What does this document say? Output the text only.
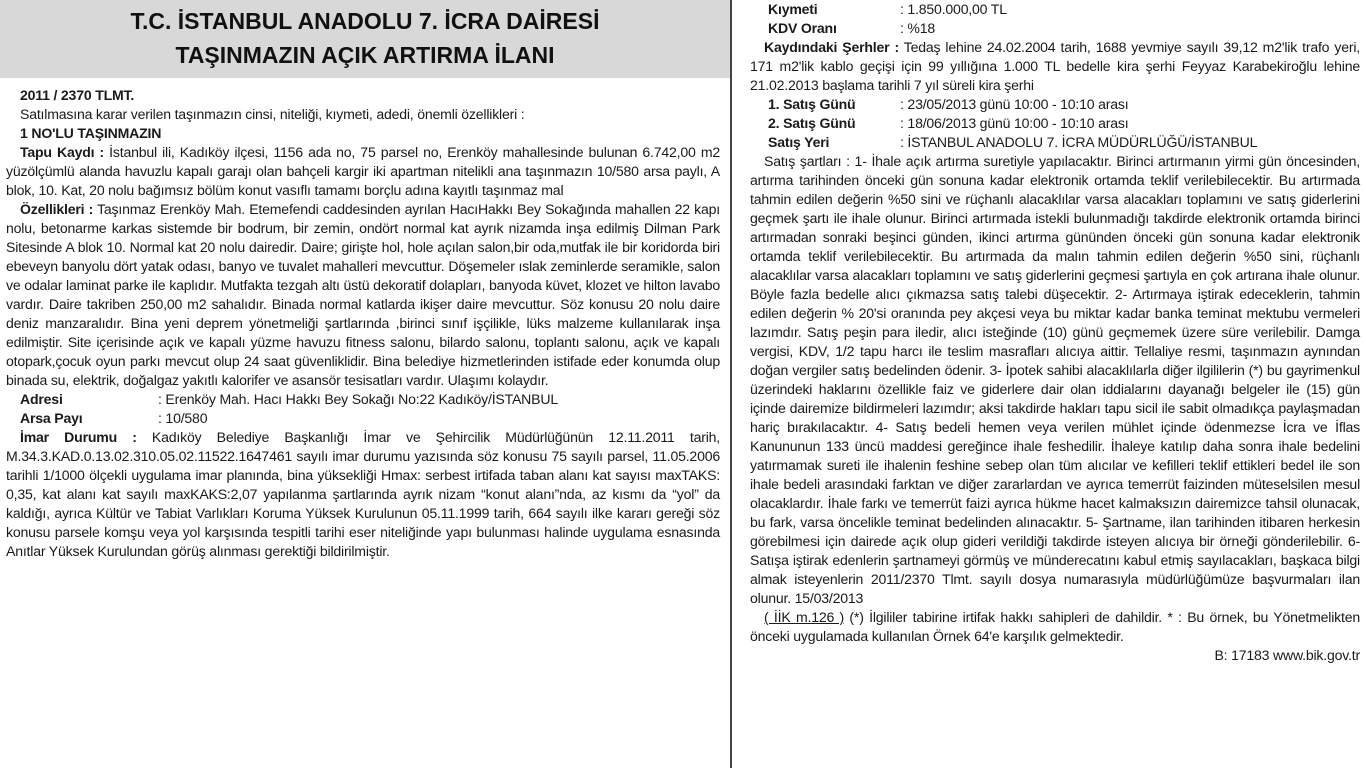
T.C. İSTANBUL ANADOLU 7. İCRA DAİRESİ
TAŞINMAZIN AÇIK ARTIRMA İLANI

2011 / 2370 TLMT.

Satılmasına karar verilen taşınmazın cinsi, niteliği, kıymeti, adedi, önemli özellikleri :

1 NO'LU TAŞINMAZIN

Tapu Kaydı : İstanbul ili, Kadıköy ilçesi, 1156 ada no, 75 parsel no, Erenköy mahallesinde bulunan 6.742,00 m2 yüzölçümlü alanda havuzlu kapalı garajı olan bahçeli kargir iki apartman nitelikli ana taşınmazın 10/580 arsa paylı, A blok, 10. Kat, 20 nolu bağımsız bölüm konut vasıflı tamamı borçlu adına kayıtlı taşınmaz mal

Özellikleri : Taşınmaz Erenköy Mah. Etemefendi caddesinden ayrılan HacıHakkı Bey Sokağında mahallen 22 kapı nolu, betonarme karkas sistemde bir bodrum, bir zemin, ondört normal kat ayrık nizamda inşa edilmiş Dilman Park Sitesinde A blok 10. Normal kat 20 nolu dairedir. Daire; girişte hol, hole açılan salon,bir oda,mutfak ile bir koridorda biri ebeveyn banyolu dört yatak odası, banyo ve tuvalet mahalleri mevcuttur. Döşemeler ıslak zeminlerde seramikle, salon ve odalar laminat parke ile kaplıdır. Mutfakta tezgah altı üstü dekoratif dolapları, banyoda küvet, klozet ve hilton lavabo vardır. Daire takriben 250,00 m2 sahalıdır. Binada normal katlarda ikişer daire mevcuttur. Söz konusu 20 nolu daire deniz manzaralıdır. Bina yeni deprem yönetmeliği şartlarında ,birinci sınıf işçilikle, lüks malzeme kullanılarak inşa edilmiştir. Site içerisinde açık ve kapalı yüzme havuzu fitness salonu, bilardo salonu, toplantı salonu, açık ve kapalı otopark,çocuk oyun parkı mevcut olup 24 saat güvenliklidir. Bina belediye hizmetlerinden istifade eder konumda olup binada su, elektrik, doğalgaz yakıtlı kalorifer ve asansör tesisatları vardır. Ulaşımı kolaydır.

Adresi	: Erenköy Mah. Hacı Hakkı Bey Sokağı No:22 Kadıköy/İSTANBUL
Arsa Payı	: 10/580

İmar Durumu : Kadıköy Belediye Başkanlığı İmar ve Şehircilik Müdürlüğünün 12.11.2011 tarih, M.34.3.KAD.0.13.02.310.05.02.11522.1647461 sayılı imar durumu yazısında söz konusu 75 sayılı parsel, 11.05.2006 tarihli 1/1000 ölçekli uygulama imar planında, bina yüksekliği Hmax: serbest irtifada taban alanı kat sayısı maxTAKS: 0,35, kat alanı kat sayılı maxKAKS:2,07 yapılanma şartlarında ayrık nizam “konut alanı”nda, az kısmı da “yol” da kaldığı, ayrıca Kültür ve Tabiat Varlıkları Koruma Yüksek Kurulunun 05.11.1999 tarih, 664 sayılı ilke kararı gereği söz konusu parsele komşu veya yol karşısında tespitli tarihi eser niteliğinde yapı bulunması halinde uygulama esnasında Anıtlar Yüksek Kurulundan görüş alınması gerektiği bildirilmiştir.

Kıymeti	: 1.850.000,00 TL
KDV Oranı	: %18

Kaydındaki Şerhler : Tedaş lehine 24.02.2004 tarih, 1688 yevmiye sayılı 39,12 m2'lik trafo yeri, 171 m2'lik kablo geçişi için 99 yıllığına 1.000 TL bedelle kira şerhi Feyyaz Karabekiroğlu lehine 21.02.2013 başlama tarihli 7 yıl süreli kira şerhi

1. Satış Günü	: 23/05/2013 günü 10:00 - 10:10 arası
2. Satış Günü	: 18/06/2013 günü 10:00 - 10:10 arası
Satış Yeri	: İSTANBUL ANADOLU 7. İCRA MÜDÜRLÜĞÜ/İSTANBUL

Satış şartları : 1- İhale açık artırma suretiyle yapılacaktır. Birinci artırmanın yirmi gün öncesinden, artırma tarihinden önceki gün sonuna kadar elektronik ortamda teklif verilebilecektir. Bu artırmada tahmin edilen değerin %50 sini ve rüçhanlı alacaklılar varsa alacakları toplamını ve satış giderlerini geçmek şartı ile ihale olunur. Birinci artırmada istekli bulunmadığı takdirde elektronik ortamda birinci artırmadan sonraki beşinci günden, ikinci artırma gününden önceki gün sonuna kadar elektronik ortamda teklif verilebilecektir. Bu artırmada da malın tahmin edilen değerin %50 sini, rüçhanlı alacaklılar varsa alacakları toplamını ve satış giderlerini geçmesi şartıyla en çok artırana ihale olunur. Böyle fazla bedelle alıcı çıkmazsa satış talebi düşecektir. 2- Artırmaya iştirak edeceklerin, tahmin edilen değerin % 20'si oranında pey akçesi veya bu miktar kadar banka teminat mektubu vermeleri lazımdır. Satış peşin para iledir, alıcı isteğinde (10) günü geçmemek üzere süre verilebilir. Damga vergisi, KDV, 1/2 tapu harcı ile teslim masrafları alıcıya aittir. Tellaliye resmi, taşınmazın aynından doğan vergiler satış bedelinden ödenir. 3- İpotek sahibi alacaklılarla diğer ilgililerin (*) bu gayrimenkul üzerindeki haklarını özellikle faiz ve giderlere dair olan iddialarını dayanağı belgeler ile (15) gün içinde dairemize bildirmeleri lazımdır; aksi takdirde hakları tapu sicil ile sabit olmadıkça paylaşmadan hariç bırakılacaktır. 4- Satış bedeli hemen veya verilen mühlet içinde ödenmezse İcra ve İflas Kanununun 133 üncü maddesi gereğince ihale feshedilir. İhaleye katılıp daha sonra ihale bedelini yatırmamak sureti ile ihalenin feshine sebep olan tüm alıcılar ve kefilleri teklif ettikleri bedel ile son ihale bedeli arasındaki farktan ve diğer zararlardan ve ayrıca temerrüt faizinden müteselsilen mesul olacaklardır. İhale farkı ve temerrüt faizi ayrıca hükme hacet kalmaksızın dairemizce tahsil olunacak, bu fark, varsa öncelikle teminat bedelinden alınacaktır. 5- Şartname, ilan tarihinden itibaren herkesin görebilmesi için dairede açık olup gideri verildiği takdirde isteyen alıcıya bir örneği gönderilebilir. 6- Satışa iştirak edenlerin şartnameyi görmüş ve münderecatını kabul etmiş sayılacakları, başkaca bilgi almak isteyenlerin 2011/2370 Tlmt. sayılı dosya numarasıyla müdürlüğümüze başvurmaları ilan olunur. 15/03/2013

( İİK m.126 ) (*) İlgililer tabirine irtifak hakkı sahipleri de dahildir. * : Bu örnek, bu Yönetmelikten önceki uygulamada kullanılan Örnek 64'e karşılık gelmektedir.

B: 17183 www.bik.gov.tr
